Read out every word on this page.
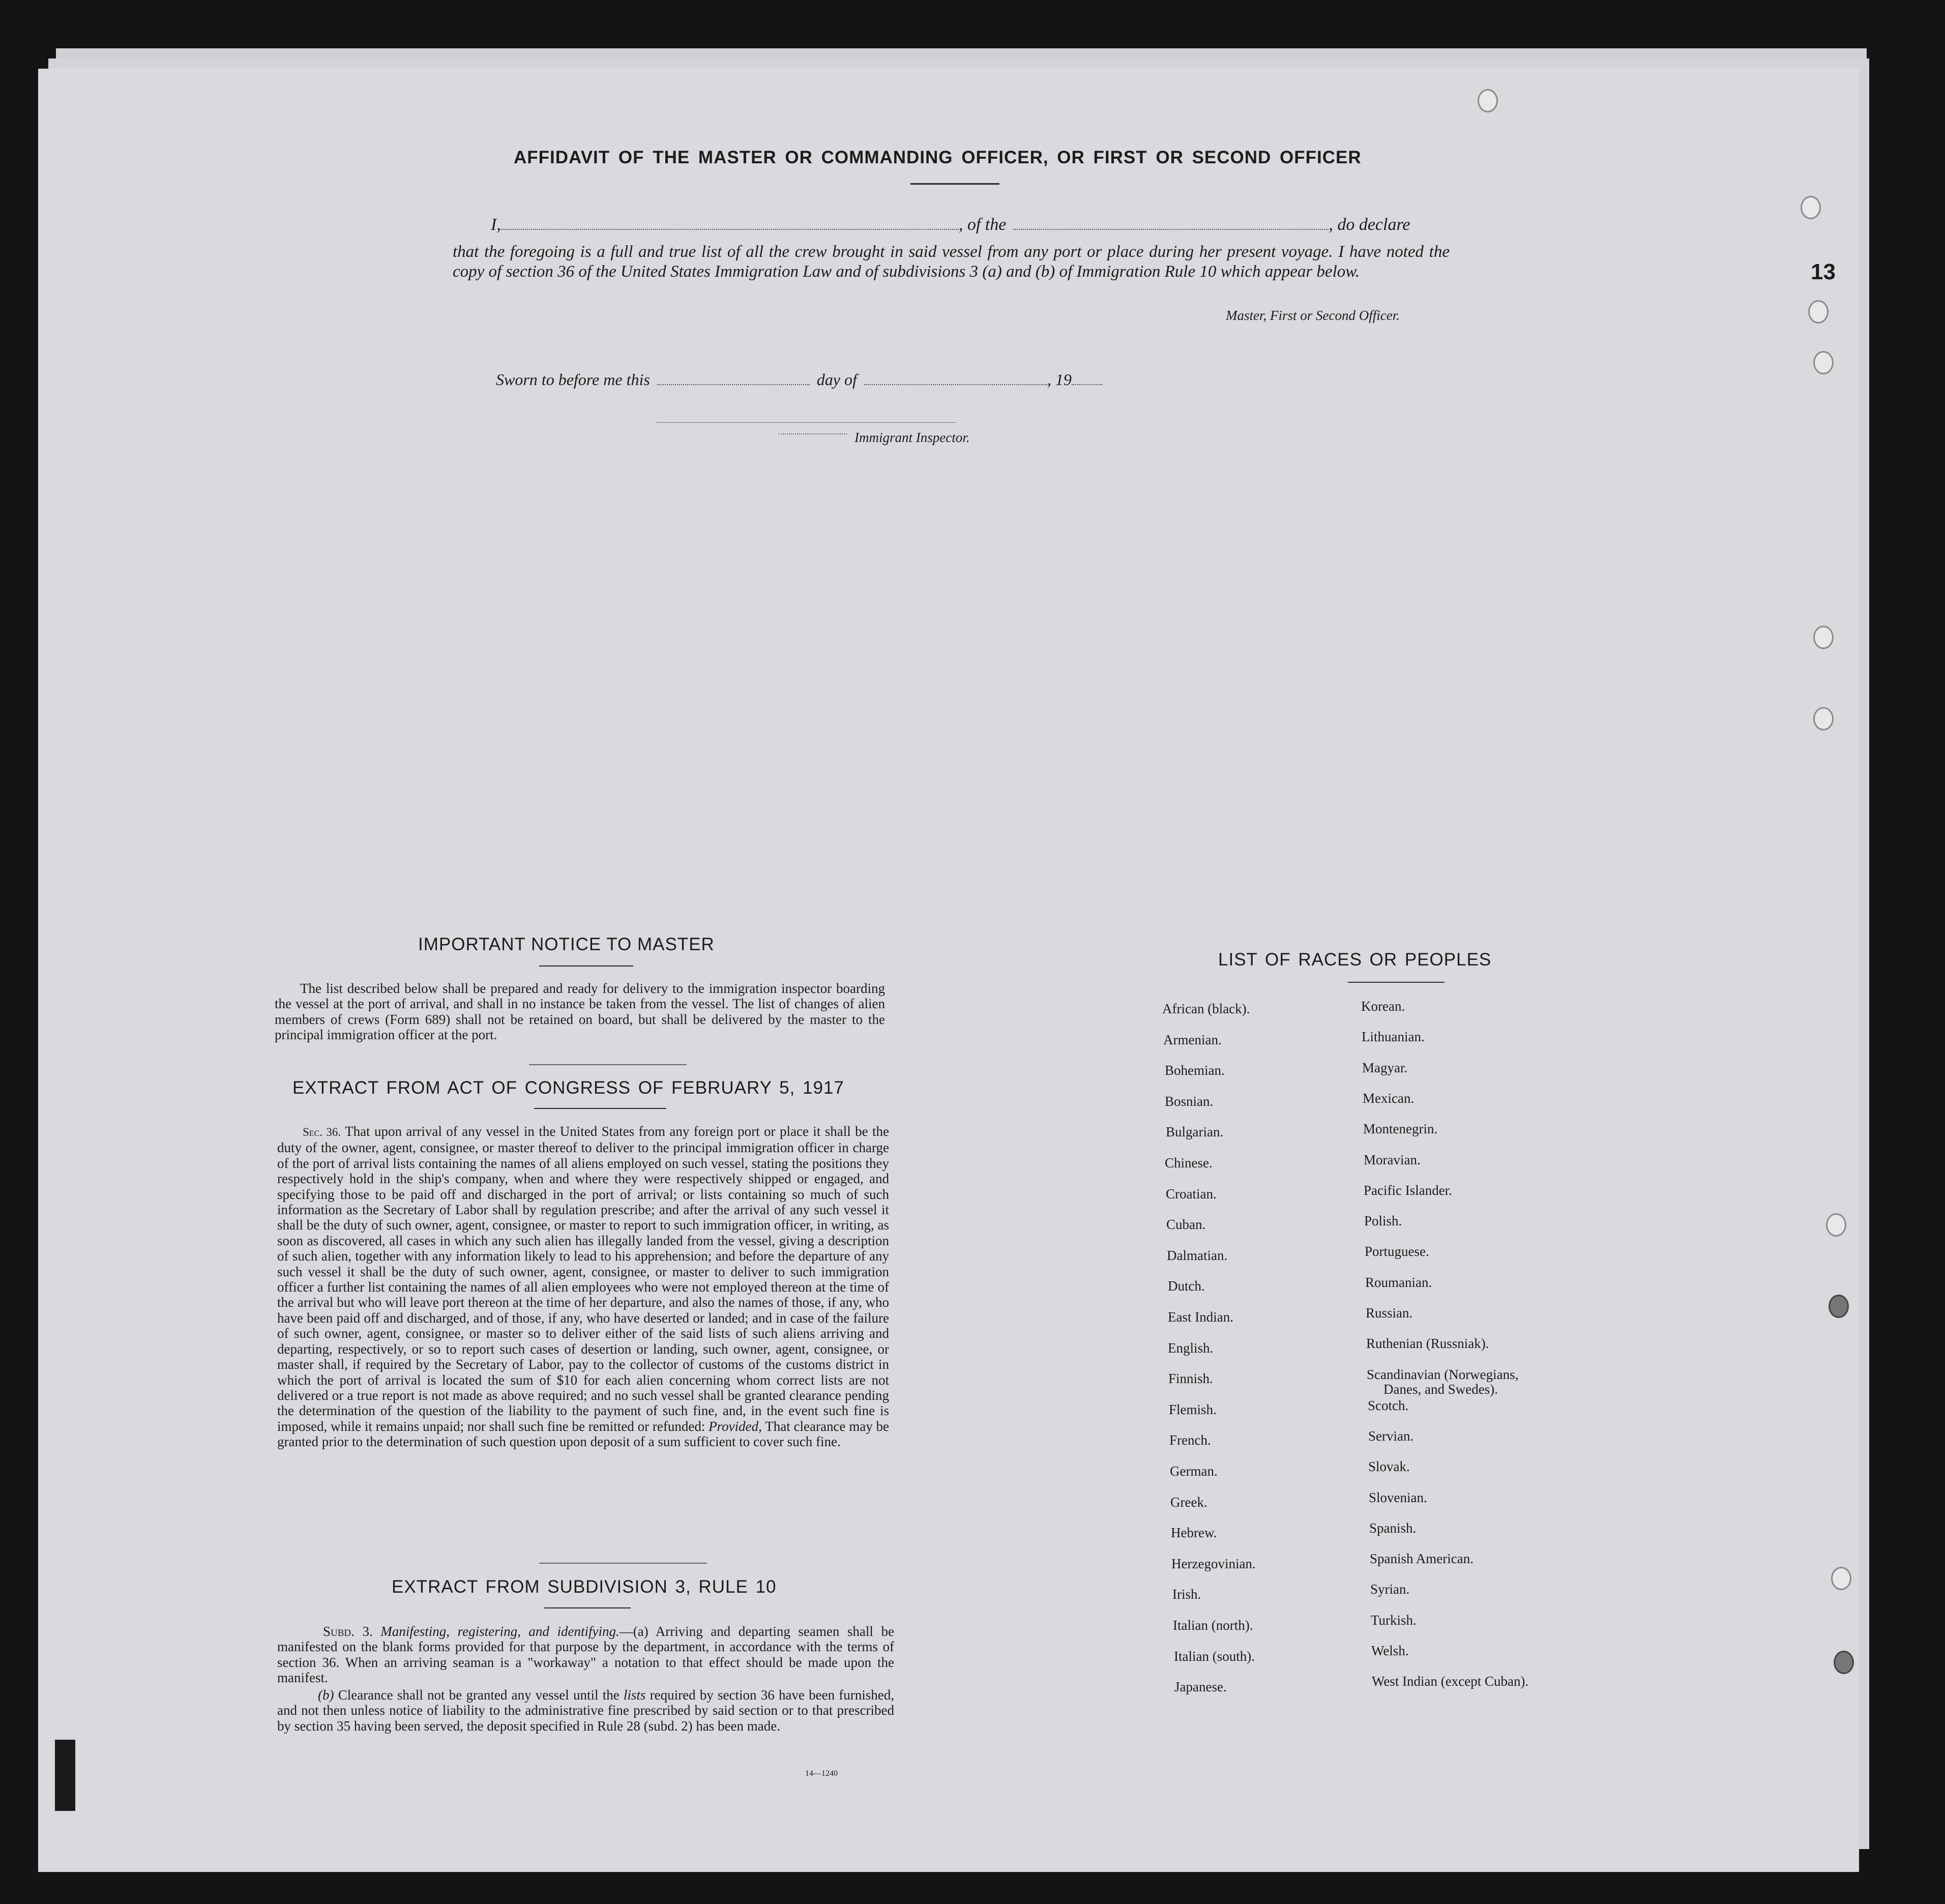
13
AFFIDAVIT OF THE MASTER OR COMMANDING OFFICER, OR FIRST OR SECOND OFFICER
I,	, of the	, do declare
that the foregoing is a full and true list of all the crew brought in said vessel from any port or place during her present voyage. I have noted the copy of section 36 of the United States Immigration Law and of subdivisions 3 (a) and (b) of Immigration Rule 10 which appear below.
Master, First or Second Officer.
Sworn to before me this	day of	, 19
Immigrant Inspector.
IMPORTANT NOTICE TO MASTER
The list described below shall be prepared and ready for delivery to the immigration inspector boarding the vessel at the port of arrival, and shall in no instance be taken from the vessel. The list of changes of alien members of crews (Form 689) shall not be retained on board, but shall be delivered by the master to the principal immigration officer at the port.
EXTRACT FROM ACT OF CONGRESS OF FEBRUARY 5, 1917
Sec. 36. That upon arrival of any vessel in the United States from any foreign port or place it shall be the duty of the owner, agent, consignee, or master thereof to deliver to the principal immigration officer in charge of the port of arrival lists containing the names of all aliens employed on such vessel, stating the positions they respectively hold in the ship's company, when and where they were respectively shipped or engaged, and specifying those to be paid off and discharged in the port of arrival; or lists containing so much of such information as the Secretary of Labor shall by regulation prescribe; and after the arrival of any such vessel it shall be the duty of such owner, agent, consignee, or master to report to such immigration officer, in writing, as soon as discovered, all cases in which any such alien has illegally landed from the vessel, giving a description of such alien, together with any information likely to lead to his apprehension; and before the departure of any such vessel it shall be the duty of such owner, agent, consignee, or master to deliver to such immigration officer a further list containing the names of all alien employees who were not employed thereon at the time of the arrival but who will leave port thereon at the time of her departure, and also the names of those, if any, who have been paid off and discharged, and of those, if any, who have deserted or landed; and in case of the failure of such owner, agent, consignee, or master so to deliver either of the said lists of such aliens arriving and departing, respectively, or so to report such cases of desertion or landing, such owner, agent, consignee, or master shall, if required by the Secretary of Labor, pay to the collector of customs of the customs district in which the port of arrival is located the sum of $10 for each alien concerning whom correct lists are not delivered or a true report is not made as above required; and no such vessel shall be granted clearance pending the determination of the question of the liability to the payment of such fine, and, in the event such fine is imposed, while it remains unpaid; nor shall such fine be remitted or refunded: Provided, That clearance may be granted prior to the determination of such question upon deposit of a sum sufficient to cover such fine.
EXTRACT FROM SUBDIVISION 3, RULE 10
Subd. 3. Manifesting, registering, and identifying.—(a) Arriving and departing seamen shall be manifested on the blank forms provided for that purpose by the department, in accordance with the terms of section 36. When an arriving seaman is a "workaway" a notation to that effect should be made upon the manifest.
(b) Clearance shall not be granted any vessel until the lists required by section 36 have been furnished, and not then unless notice of liability to the administrative fine prescribed by said section or to that prescribed by section 35 having been served, the deposit specified in Rule 28 (subd. 2) has been made.
14—1240
LIST OF RACES OR PEOPLES
African (black).
Armenian.
Bohemian.
Bosnian.
Bulgarian.
Chinese.
Croatian.
Cuban.
Dalmatian.
Dutch.
East Indian.
English.
Finnish.
Flemish.
French.
German.
Greek.
Hebrew.
Herzegovinian.
Irish.
Italian (north).
Italian (south).
Japanese.
Korean.
Lithuanian.
Magyar.
Mexican.
Montenegrin.
Moravian.
Pacific Islander.
Polish.
Portuguese.
Roumanian.
Russian.
Ruthenian (Russniak).
Scandinavian (Norwegians,
Danes, and Swedes).
Scotch.
Servian.
Slovak.
Slovenian.
Spanish.
Spanish American.
Syrian.
Turkish.
Welsh.
West Indian (except Cuban).
